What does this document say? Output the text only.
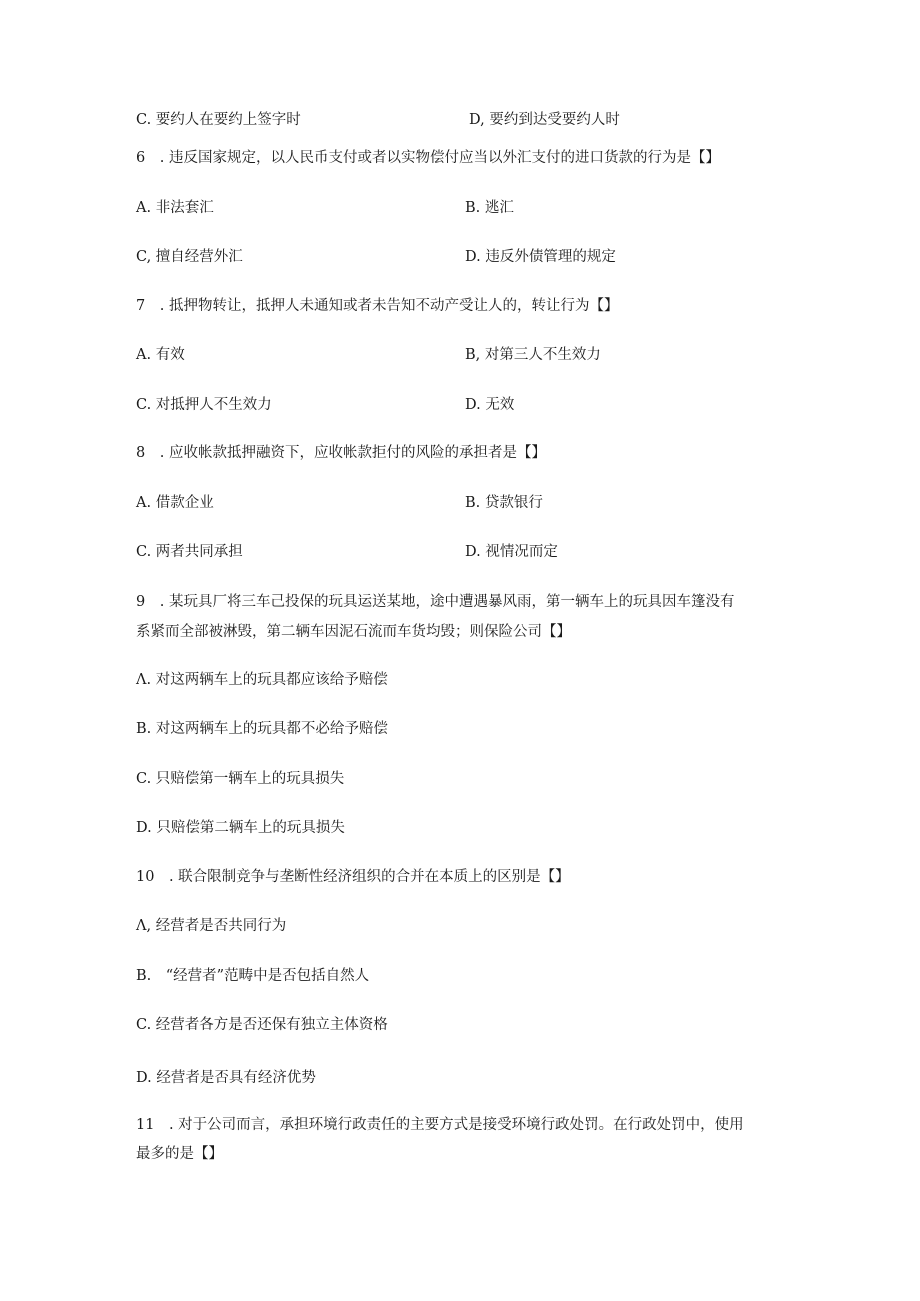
C. 要约人在要约上签字时	D, 要约到达受要约人时
6　. 违反国家规定，以人民币支付或者以实物偿付应当以外汇支付的进口货款的行为是【】
A. 非法套汇	B. 逃汇
C, 擅自经营外汇	D. 违反外债管理的规定
7　. 抵押物转让，抵押人未通知或者未告知不动产受让人的，转让行为【】
A. 有效	B, 对第三人不生效力
C. 对抵押人不生效力	D. 无效
8　. 应收帐款抵押融资下，应收帐款拒付的风险的承担者是【】
A. 借款企业	B. 贷款银行
C. 两者共同承担	D. 视情况而定
9　. 某玩具厂将三车己投保的玩具运送某地，途中遭遇暴风雨，第一辆车上的玩具因车篷没有
系紧而全部被淋毁，第二辆车因泥石流而车货均毁；则保险公司【】
Λ. 对这两辆车上的玩具都应该给予赔偿
B. 对这两辆车上的玩具都不必给予赔偿
C. 只赔偿第一辆车上的玩具损失
D. 只赔偿第二辆车上的玩具损失
10　. 联合限制竞争与垄断性经济组织的合并在本质上的区别是【】
Λ, 经营者是否共同行为
B.　“经营者”范畴中是否包括自然人
C. 经营者各方是否还保有独立主体资格
D. 经营者是否具有经济优势
11　. 对于公司而言，承担环境行政责任的主要方式是接受环境行政处罚。在行政处罚中，使用
最多的是【】
